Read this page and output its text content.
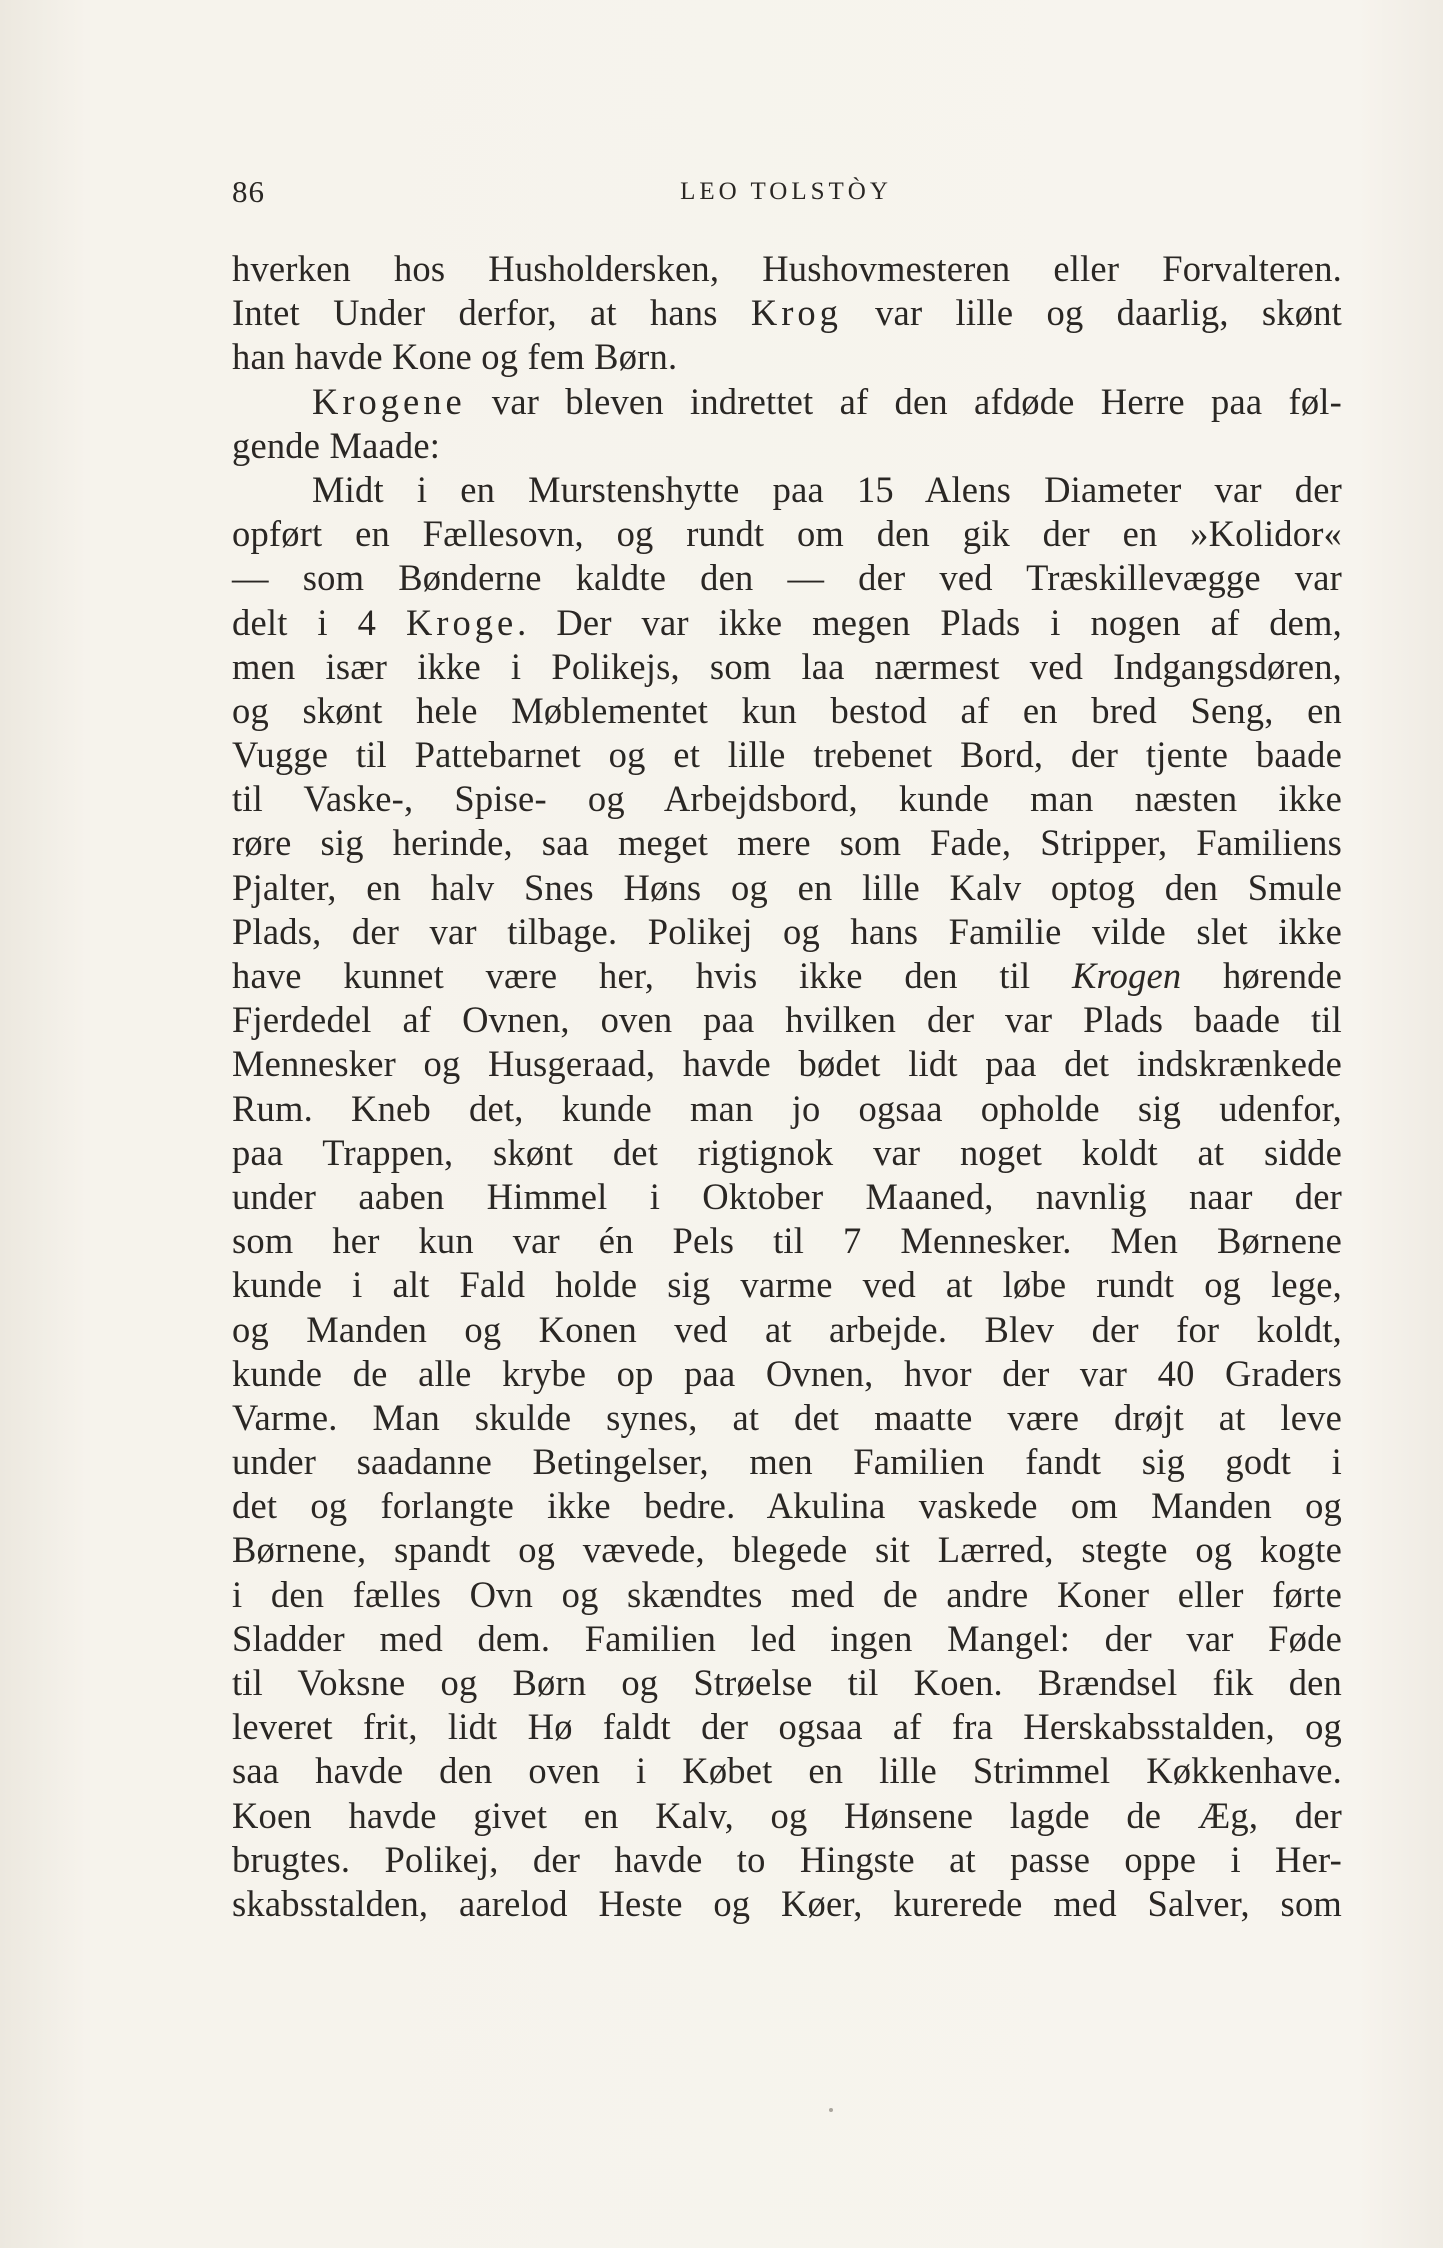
86	LEO TOLSTÒY
hverken hos Husholdersken, Hushovmesteren eller Forvalteren.
Intet Under derfor, at hans Krog var lille og daarlig, skønt
han havde Kone og fem Børn.
Krogene var bleven indrettet af den afdøde Herre paa føl-
gende Maade:
Midt i en Murstenshytte paa 15 Alens Diameter var der
opført en Fællesovn, og rundt om den gik der en »Kolidor«
— som Bønderne kaldte den — der ved Træskillevægge var
delt i 4 Kroge. Der var ikke megen Plads i nogen af dem,
men især ikke i Polikejs, som laa nærmest ved Indgangsdøren,
og skønt hele Møblementet kun bestod af en bred Seng, en
Vugge til Pattebarnet og et lille trebenet Bord, der tjente baade
til Vaske-, Spise- og Arbejdsbord, kunde man næsten ikke
røre sig herinde, saa meget mere som Fade, Stripper, Familiens
Pjalter, en halv Snes Høns og en lille Kalv optog den Smule
Plads, der var tilbage. Polikej og hans Familie vilde slet ikke
have kunnet være her, hvis ikke den til Krogen hørende
Fjerdedel af Ovnen, oven paa hvilken der var Plads baade til
Mennesker og Husgeraad, havde bødet lidt paa det indskrænkede
Rum. Kneb det, kunde man jo ogsaa opholde sig udenfor,
paa Trappen, skønt det rigtignok var noget koldt at sidde
under aaben Himmel i Oktober Maaned, navnlig naar der
som her kun var én Pels til 7 Mennesker. Men Børnene
kunde i alt Fald holde sig varme ved at løbe rundt og lege,
og Manden og Konen ved at arbejde. Blev der for koldt,
kunde de alle krybe op paa Ovnen, hvor der var 40 Graders
Varme. Man skulde synes, at det maatte være drøjt at leve
under saadanne Betingelser, men Familien fandt sig godt i
det og forlangte ikke bedre. Akulina vaskede om Manden og
Børnene, spandt og vævede, blegede sit Lærred, stegte og kogte
i den fælles Ovn og skændtes med de andre Koner eller førte
Sladder med dem. Familien led ingen Mangel: der var Føde
til Voksne og Børn og Strøelse til Koen. Brændsel fik den
leveret frit, lidt Hø faldt der ogsaa af fra Herskabsstalden, og
saa havde den oven i Købet en lille Strimmel Køkkenhave.
Koen havde givet en Kalv, og Hønsene lagde de Æg, der
brugtes. Polikej, der havde to Hingste at passe oppe i Her-
skabsstalden, aarelod Heste og Køer, kurerede med Salver, som
